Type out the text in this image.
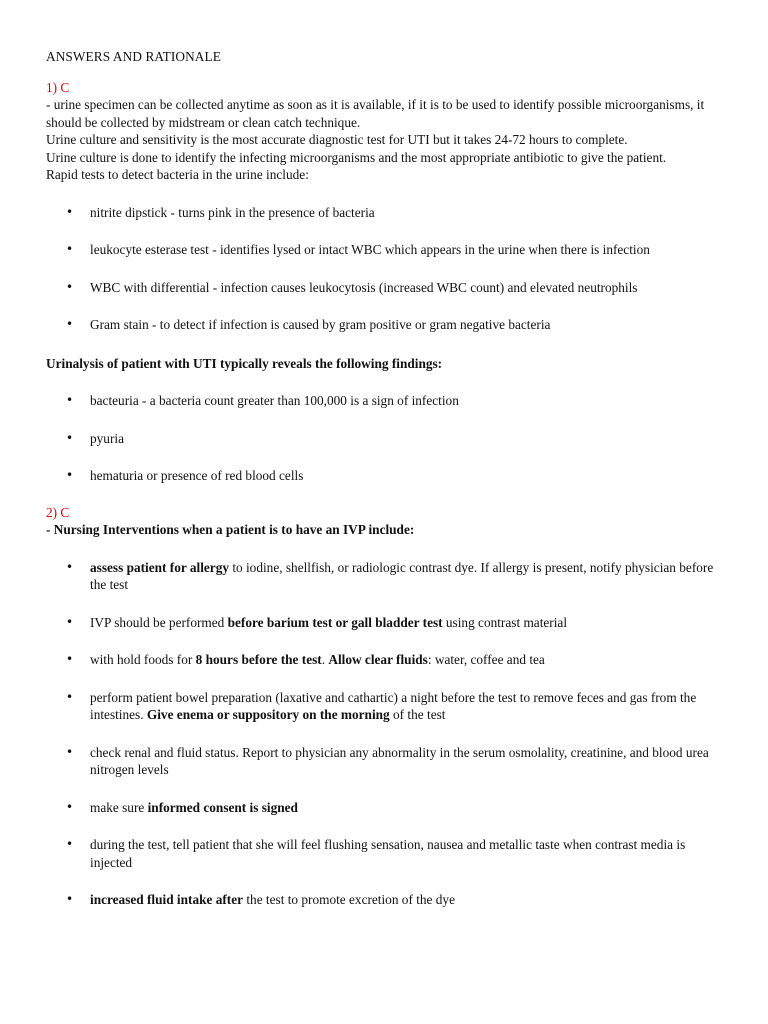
ANSWERS AND RATIONALE

1) C

- urine specimen can be collected anytime as soon as it is available, if it is to be used to identify possible microorganisms, it should be collected by midstream or clean catch technique.

Urine culture and sensitivity is the most accurate diagnostic test for UTI but it takes 24-72 hours to complete.

Urine culture is done to identify the infecting microorganisms and the most appropriate antibiotic to give the patient.

Rapid tests to detect bacteria in the urine include:

• nitrite dipstick - turns pink in the presence of bacteria
• leukocyte esterase test - identifies lysed or intact WBC which appears in the urine when there is infection
• WBC with differential - infection causes leukocytosis (increased WBC count) and elevated neutrophils
• Gram stain - to detect if infection is caused by gram positive or gram negative bacteria

Urinalysis of patient with UTI typically reveals the following findings:

• bacteuria - a bacteria count greater than 100,000 is a sign of infection
• pyuria
• hematuria or presence of red blood cells

2) C

- Nursing Interventions when a patient is to have an IVP include:

• assess patient for allergy to iodine, shellfish, or radiologic contrast dye. If allergy is present, notify physician before the test
• IVP should be performed before barium test or gall bladder test using contrast material
• with hold foods for 8 hours before the test. Allow clear fluids: water, coffee and tea
• perform patient bowel preparation (laxative and cathartic) a night before the test to remove feces and gas from the intestines. Give enema or suppository on the morning of the test
• check renal and fluid status. Report to physician any abnormality in the serum osmolality, creatinine, and blood urea nitrogen levels
• make sure informed consent is signed
• during the test, tell patient that she will feel flushing sensation, nausea and metallic taste when contrast media is injected
• increased fluid intake after the test to promote excretion of the dye
